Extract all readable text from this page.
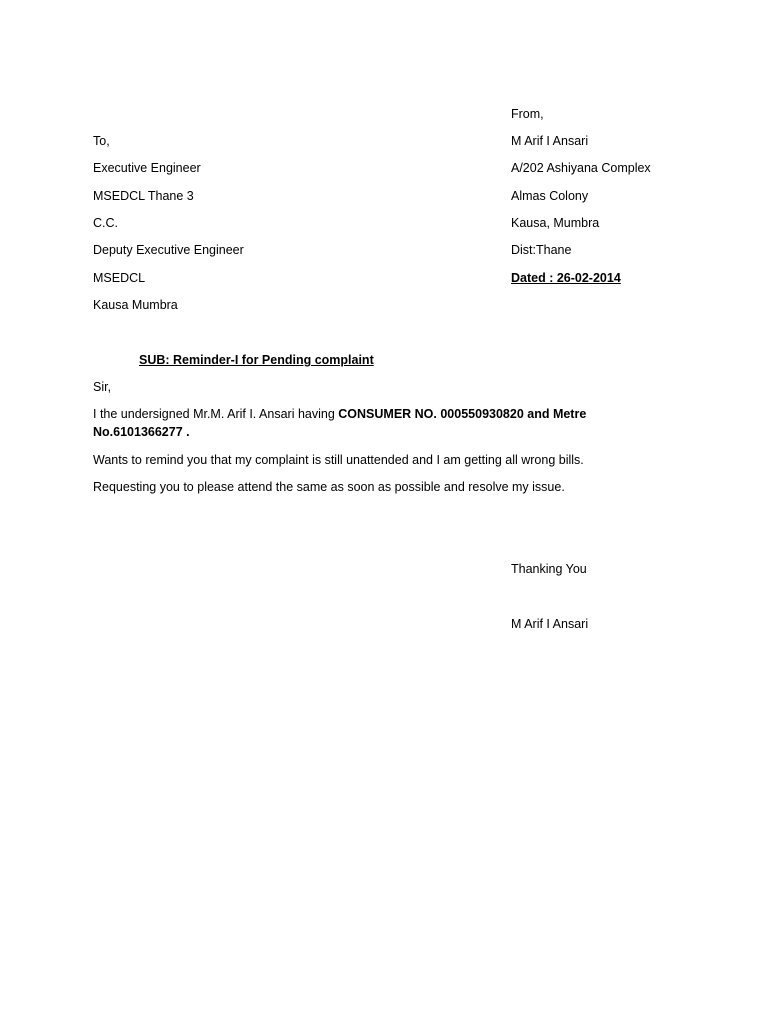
From,
M Arif I Ansari
A/202 Ashiyana Complex
Almas Colony
Kausa, Mumbra
Dist:Thane
Dated : 26-02-2014
To,
Executive Engineer
MSEDCL Thane 3
C.C.
Deputy Executive Engineer
MSEDCL
Kausa Mumbra
SUB: Reminder-I for Pending complaint
Sir,
I the undersigned Mr.M. Arif I. Ansari having CONSUMER NO. 000550930820 and Metre
No.6101366277 .
Wants to remind you that my complaint is still unattended and I am getting all wrong bills.
Requesting you to please attend the same as soon as possible and resolve my issue.
Thanking You
M Arif I Ansari
